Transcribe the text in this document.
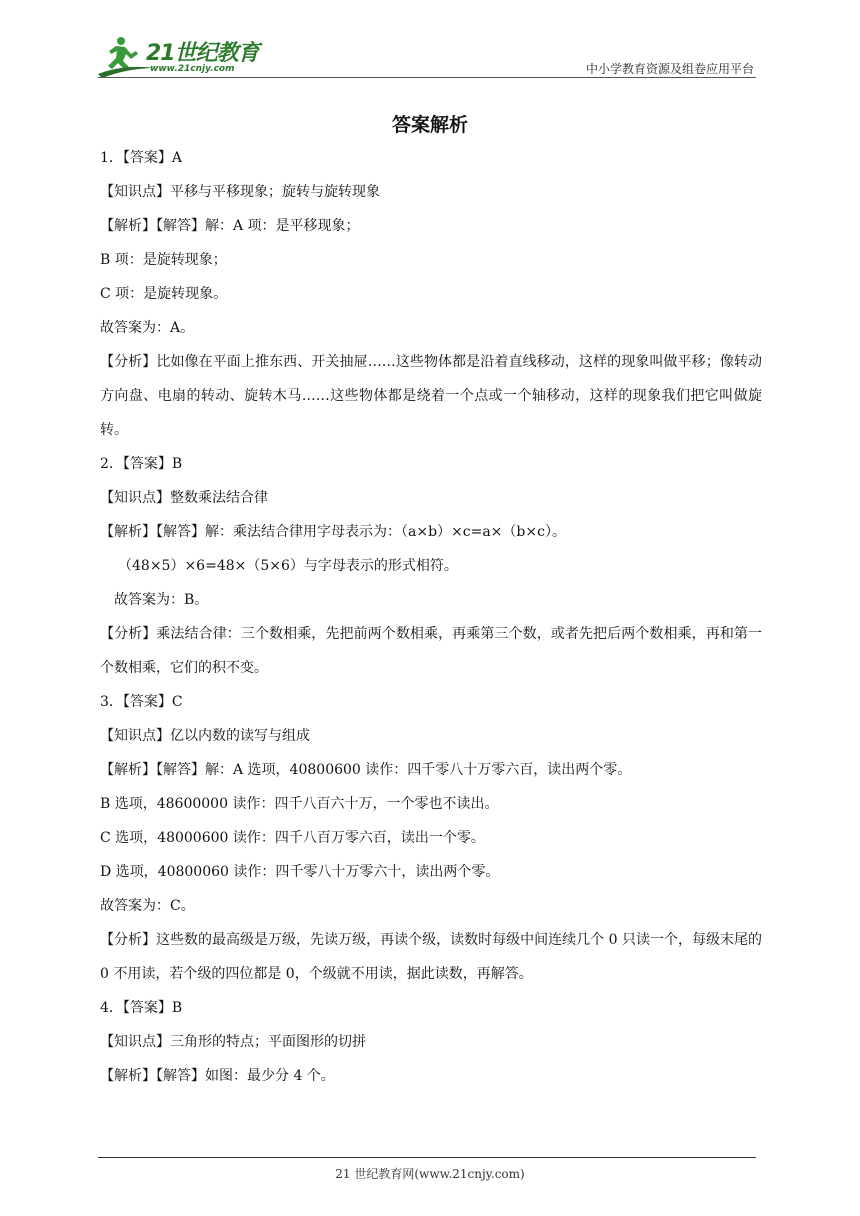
21世纪教育
www.21cnjy.com	中小学教育资源及组卷应用平台
答案解析
1．【答案】A
【知识点】平移与平移现象；旋转与旋转现象
【解析】【解答】解：A 项：是平移现象；
B 项：是旋转现象；
C 项：是旋转现象。
故答案为：A。
【分析】比如像在平面上推东西、开关抽屉……这些物体都是沿着直线移动，这样的现象叫做平移；像转动方向盘、电扇的转动、旋转木马……这些物体都是绕着一个点或一个轴移动，这样的现象我们把它叫做旋转。
2．【答案】B
【知识点】整数乘法结合律
【解析】【解答】解：乘法结合律用字母表示为：（a×b）×c=a×（b×c）。
（48×5）×6=48×（5×6）与字母表示的形式相符。
故答案为：B。
【分析】乘法结合律：三个数相乘，先把前两个数相乘，再乘第三个数，或者先把后两个数相乘，再和第一个数相乘，它们的积不变。
3．【答案】C
【知识点】亿以内数的读写与组成
【解析】【解答】解：A 选项，40800600 读作：四千零八十万零六百，读出两个零。
B 选项，48600000 读作：四千八百六十万，一个零也不读出。
C 选项，48000600 读作：四千八百万零六百，读出一个零。
D 选项，40800060 读作：四千零八十万零六十，读出两个零。
故答案为：C。
【分析】这些数的最高级是万级，先读万级，再读个级，读数时每级中间连续几个 0 只读一个，每级末尾的 0 不用读，若个级的四位都是 0，个级就不用读，据此读数，再解答。
4．【答案】B
【知识点】三角形的特点；平面图形的切拼
【解析】【解答】如图：最少分 4 个。
21 世纪教育网(www.21cnjy.com)
